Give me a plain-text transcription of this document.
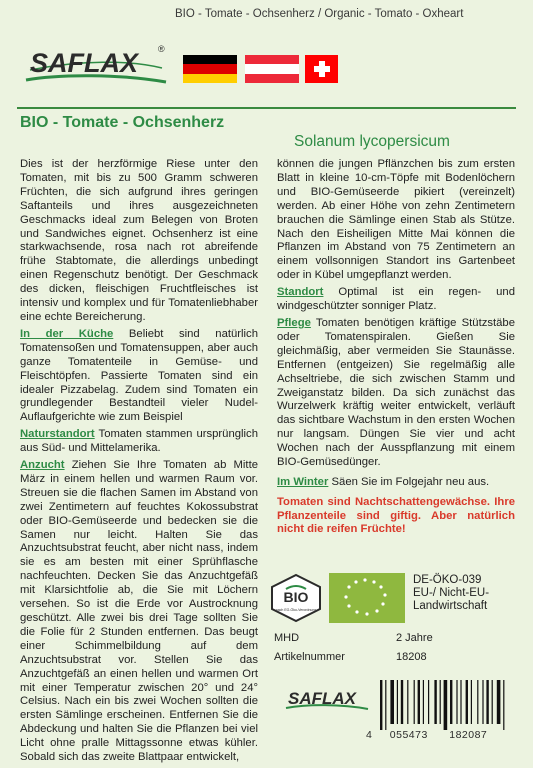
SAFLAX ®
BIO - Tomate - Ochsenherz / Organic - Tomato - Oxheart
BIO - Tomate - Ochsenherz
Solanum lycopersicum

Dies ist der herzförmige Riese unter den Tomaten, mit bis zu 500 Gramm schweren Früchten, die sich aufgrund ihres geringen Saftanteils und ihres ausgezeichneten Geschmacks ideal zum Belegen von Broten und Sandwiches eignet. Ochsenherz ist eine starkwachsende, rosa nach rot abreifende frühe Stabtomate, die allerdings unbedingt einen Regenschutz benötigt. Der Geschmack des dicken, fleischigen Fruchtfleisches ist intensiv und komplex und für Tomatenliebhaber eine echte Bereicherung.

In der Küche Beliebt sind natürlich Tomatensoßen und Tomatensuppen, aber auch ganze Tomatenteile in Gemüse- und Fleischtöpfen. Passierte Tomaten sind ein idealer Pizzabelag. Zudem sind Tomaten ein grundlegender Bestandteil vieler Nudel-Auflaufgerichte wie zum Beispiel

Naturstandort Tomaten stammen ursprünglich aus Süd- und Mittelamerika.

Anzucht Ziehen Sie Ihre Tomaten ab Mitte März in einem hellen und warmen Raum vor. Streuen sie die flachen Samen im Abstand von zwei Zentimetern auf feuchtes Kokossubstrat oder BIO-Gemüseerde und bedecken sie die Samen nur leicht. Halten Sie das Anzuchtsubstrat feucht, aber nicht nass, indem sie es am besten mit einer Sprühflasche nachfeuchten. Decken Sie das Anzuchtgefäß mit Klarsichtfolie ab, die Sie mit Löchern versehen. So ist die Erde vor Austrocknung geschützt. Alle zwei bis drei Tage sollten Sie die Folie für 2 Stunden entfernen. Das beugt einer Schimmelbildung auf dem Anzuchtsubstrat vor. Stellen Sie das Anzuchtgefäß an einen hellen und warmen Ort mit einer Temperatur zwischen 20° und 24° Celsius. Nach ein bis zwei Wochen sollten die ersten Sämlinge erscheinen. Entfernen Sie die Abdeckung und halten Sie die Pflanzen bei viel Licht ohne pralle Mittagssonne etwas kühler. Sobald sich das zweite Blattpaar entwickelt,

können die jungen Pflänzchen bis zum ersten Blatt in kleine 10-cm-Töpfe mit Bodenlöchern und BIO-Gemüseerde pikiert (vereinzelt) werden. Ab einer Höhe von zehn Zentimetern brauchen die Sämlinge einen Stab als Stütze. Nach den Eisheiligen Mitte Mai können die Pflanzen im Abstand von 75 Zentimetern an einem vollsonnigen Standort ins Gartenbeet oder in Kübel umgepflanzt werden.

Standort Optimal ist ein regen- und windgeschützter sonniger Platz.

Pflege Tomaten benötigen kräftige Stützstäbe oder Tomatenspiralen. Gießen Sie gleichmäßig, aber vermeiden Sie Staunässe. Entfernen (entgeizen) Sie regelmäßig alle Achseltriebe, die sich zwischen Stamm und Zweiganstatz bilden. Da sich zunächst das Wurzelwerk kräftig weiter entwickelt, verläuft das sichtbare Wachstum in den ersten Wochen nur langsam. Düngen Sie vier und acht Wochen nach der Ausspflanzung mit einem BIO-Gemüsedünger.

Im Winter Säen Sie im Folgejahr neu aus.

Tomaten sind Nachtschattengewächse. Ihre Pflanzenteile sind giftig. Aber natürlich nicht die reifen Früchte!

BIO
nach EG-Öko-Verordnung
DE-ÖKO-039
EU-/ Nicht-EU-
Landwirtschaft
MHD	2 Jahre
Artikelnummer	18208
SAFLAX
4 055473 182087
